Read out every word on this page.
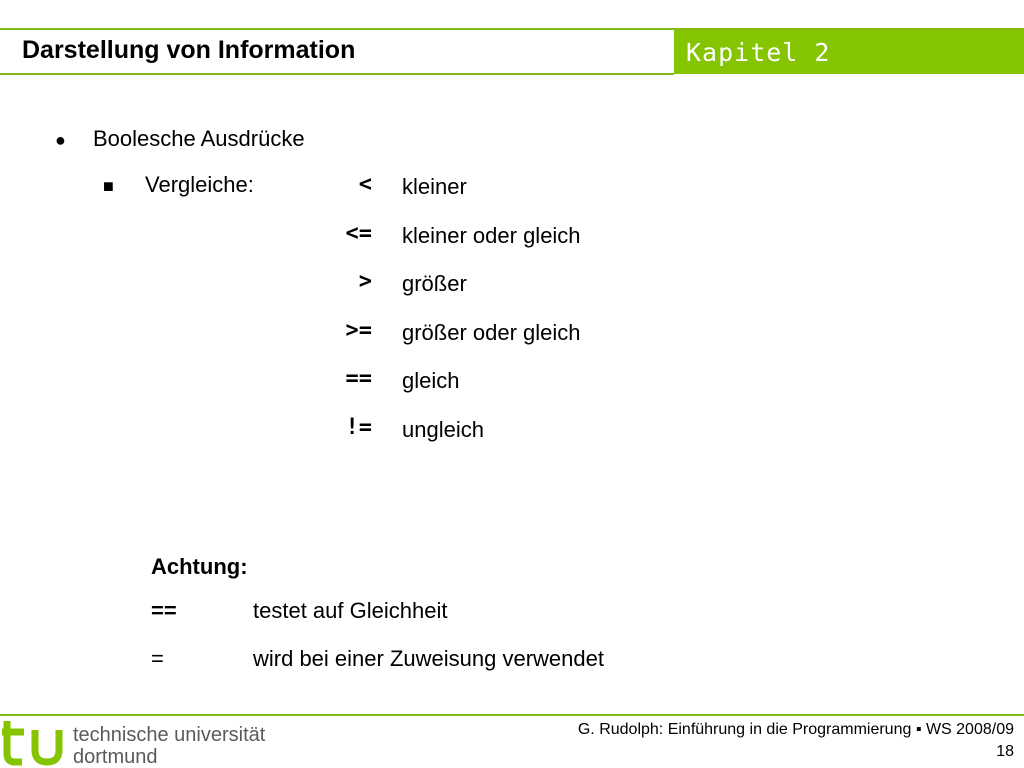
Darstellung von Information	Kapitel 2
● Boolesche Ausdrücke
■ Vergleiche:	< kleiner
<= kleiner oder gleich
> größer
>= größer oder gleich
== gleich
!= ungleich
Achtung:
==	testet auf Gleichheit
=	wird bei einer Zuweisung verwendet
technische universität
dortmund
G. Rudolph: Einführung in die Programmierung ▪ WS 2008/09
18
